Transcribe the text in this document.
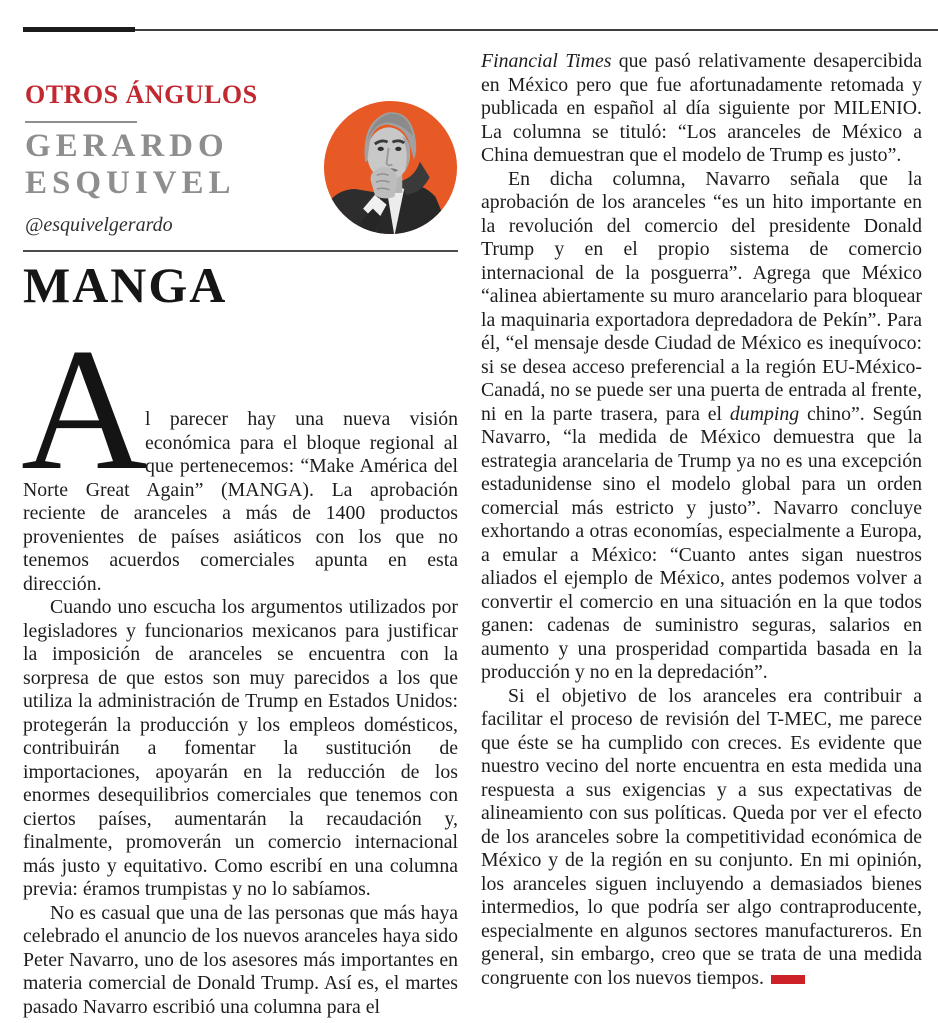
OTROS ÁNGULOS
GERARDO
ESQUIVEL
@esquivelgerardo
MANGA

A
l parecer hay una nueva visión económica para el bloque regional al que pertenecemos: “Make América del Norte Great Again” (MANGA). La aprobación reciente de aranceles a más de 1400 productos provenientes de países asiáticos con los que no tenemos acuerdos comerciales apunta en esta dirección.

Cuando uno escucha los argumentos utilizados por legisladores y funcionarios mexicanos para justificar la imposición de aranceles se encuentra con la sorpresa de que estos son muy parecidos a los que utiliza la administración de Trump en Estados Unidos: protegerán la producción y los empleos domésticos, contribuirán a fomentar la sustitución de importaciones, apoyarán en la reducción de los enormes desequilibrios comerciales que tenemos con ciertos países, aumentarán la recaudación y, finalmente, promoverán un comercio internacional más justo y equitativo. Como escribí en una columna previa: éramos trumpistas y no lo sabíamos.

No es casual que una de las personas que más haya celebrado el anuncio de los nuevos aranceles haya sido Peter Navarro, uno de los asesores más importantes en materia comercial de Donald Trump. Así es, el martes pasado Navarro escribió una columna para el

Financial Times que pasó relativamente desapercibida en México pero que fue afortunadamente retomada y publicada en español al día siguiente por MILENIO. La columna se tituló: “Los aranceles de México a China demuestran que el modelo de Trump es justo”.

En dicha columna, Navarro señala que la aprobación de los aranceles “es un hito importante en la revolución del comercio del presidente Donald Trump y en el propio sistema de comercio internacional de la posguerra”. Agrega que México “alinea abiertamente su muro arancelario para bloquear la maquinaria exportadora depredadora de Pekín”. Para él, “el mensaje desde Ciudad de México es inequívoco: si se desea acceso preferencial a la región EU-México-Canadá, no se puede ser una puerta de entrada al frente, ni en la parte trasera, para el dumping chino”. Según Navarro, “la medida de México demuestra que la estrategia arancelaria de Trump ya no es una excepción estadunidense sino el modelo global para un orden comercial más estricto y justo”. Navarro concluye exhortando a otras economías, especialmente a Europa, a emular a México: “Cuanto antes sigan nuestros aliados el ejemplo de México, antes podemos volver a convertir el comercio en una situación en la que todos ganen: cadenas de suministro seguras, salarios en aumento y una prosperidad compartida basada en la producción y no en la depredación”.

Si el objetivo de los aranceles era contribuir a facilitar el proceso de revisión del T-MEC, me parece que éste se ha cumplido con creces. Es evidente que nuestro vecino del norte encuentra en esta medida una respuesta a sus exigencias y a sus expectativas de alineamiento con sus políticas. Queda por ver el efecto de los aranceles sobre la competitividad económica de México y de la región en su conjunto. En mi opinión, los aranceles siguen incluyendo a demasiados bienes intermedios, lo que podría ser algo contraproducente, especialmente en algunos sectores manufactureros. En general, sin embargo, creo que se trata de una medida congruente con los nuevos tiempos.
